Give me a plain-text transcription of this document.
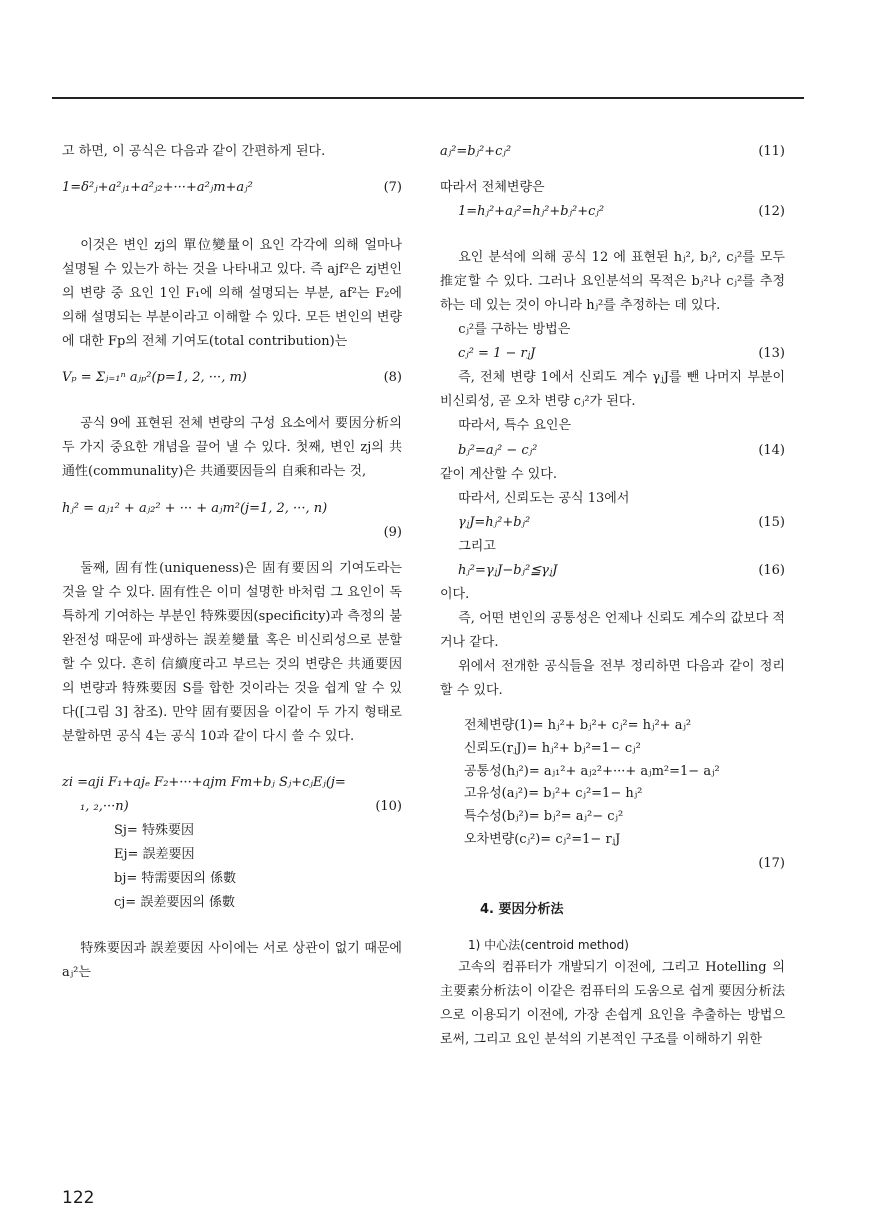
고 하면, 이 공식은 다음과 같이 간편하게 된다.

1=δ²ⱼ+a²ⱼ₁+a²ⱼ₂+···+a²ⱼm+aⱼ²	(7)

이것은 변인 zj의 單位變量이 요인 각각에 의해 얼마나 설명될 수 있는가 하는 것을 나타내고 있다. 즉 ajf²은 zj변인의 변량 중 요인 1인 F₁에 의해 설명되는 부분, af²는 F₂에 의해 설명되는 부분이라고 이해할 수 있다. 모든 변인의 변량에 대한 Fp의 전체 기여도(total contribution)는

Vₚ = Σⱼ₌₁ⁿ aⱼₚ²(p=1, 2, ···, m)	(8)

공식 9에 표현된 전체 변량의 구성 요소에서 要因分析의 두 가지 중요한 개념을 끌어 낼 수 있다. 첫째, 변인 zj의 共通性(communality)은 共通要因들의 自乘和라는 것,

hⱼ² = aⱼ₁² + aⱼ₂² + ··· + aⱼm²(j=1, 2, ···, n)
(9)

둘째, 固有性(uniqueness)은 固有要因의 기여도라는 것을 알 수 있다. 固有性은 이미 설명한 바처럼 그 요인이 독특하게 기여하는 부분인 特殊要因(specificity)과 측정의 불완전성 때문에 파생하는 誤差變量 혹은 비신뢰성으로 분할 할 수 있다. 흔히 信續度라고 부르는 것의 변량은 共通要因의 변량과 特殊要因 S를 합한 것이라는 것을 쉽게 알 수 있다([그림 3] 참조). 만약 固有要因을 이같이 두 가지 형태로 분할하면 공식 4는 공식 10과 같이 다시 쓸 수 있다.

zi =aji F₁+ajₑ F₂+···+ajm Fm+bⱼ Sⱼ+cⱼEⱼ(j=
₁, ₂,···n)	(10)
Sj= 特殊要因
Ej= 誤差要因
bj= 特需要因의 係數
cj= 誤差要因의 係數

特殊要因과 誤差要因 사이에는 서로 상관이 없기 때문에 aⱼ²는

aⱼ²=bⱼ²+cⱼ²	(11)

따라서 전체변량은

1=hⱼ²+aⱼ²=hⱼ²+bⱼ²+cⱼ²	(12)

요인 분석에 의해 공식 12 에 표현된 hⱼ², bⱼ², cⱼ²를 모두 推定할 수 있다. 그러나 요인분석의 목적은 bⱼ²나 cⱼ²를 추정하는 데 있는 것이 아니라 hⱼ²를 추정하는 데 있다.

cⱼ²를 구하는 방법은

cⱼ² = 1 − rⱼJ	(13)

즉, 전체 변량 1에서 신뢰도 계수 γⱼJ를 뺀 나머지 부분이 비신뢰성, 곧 오차 변량 cⱼ²가 된다.

따라서, 특수 요인은

bⱼ²=aⱼ² − cⱼ²	(14)

같이 계산할 수 있다.

따라서, 신뢰도는 공식 13에서

γⱼJ=hⱼ²+bⱼ²	(15)

그리고

hⱼ²=γⱼJ−bⱼ²≦γⱼJ	(16)

이다.

즉, 어떤 변인의 공통성은 언제나 신뢰도 계수의 값보다 적거나 같다.

위에서 전개한 공식들을 전부 정리하면 다음과 같이 정리할 수 있다.

전체변량(1)= hⱼ²+ bⱼ²+ cⱼ²= hⱼ²+ aⱼ²
신뢰도(rⱼJ)= hⱼ²+ bⱼ²=1− cⱼ²
공통성(hⱼ²)= aⱼ₁²+ aⱼ₂²+···+ aⱼm²=1− aⱼ²
고유성(aⱼ²)= bⱼ²+ cⱼ²=1− hⱼ²
특수성(bⱼ²)= bⱼ²= aⱼ²− cⱼ²
오차변량(cⱼ²)= cⱼ²=1− rⱼJ
(17)
4. 要因分析法
1) 中心法(centroid method)

고속의 컴퓨터가 개발되기 이전에, 그리고 Hotelling 의 主要素分析法이 이같은 컴퓨터의 도움으로 쉽게 要因分析法으로 이용되기 이전에, 가장 손쉽게 요인을 추출하는 방법으로써, 그리고 요인 분석의 기본적인 구조를 이해하기 위한

122
